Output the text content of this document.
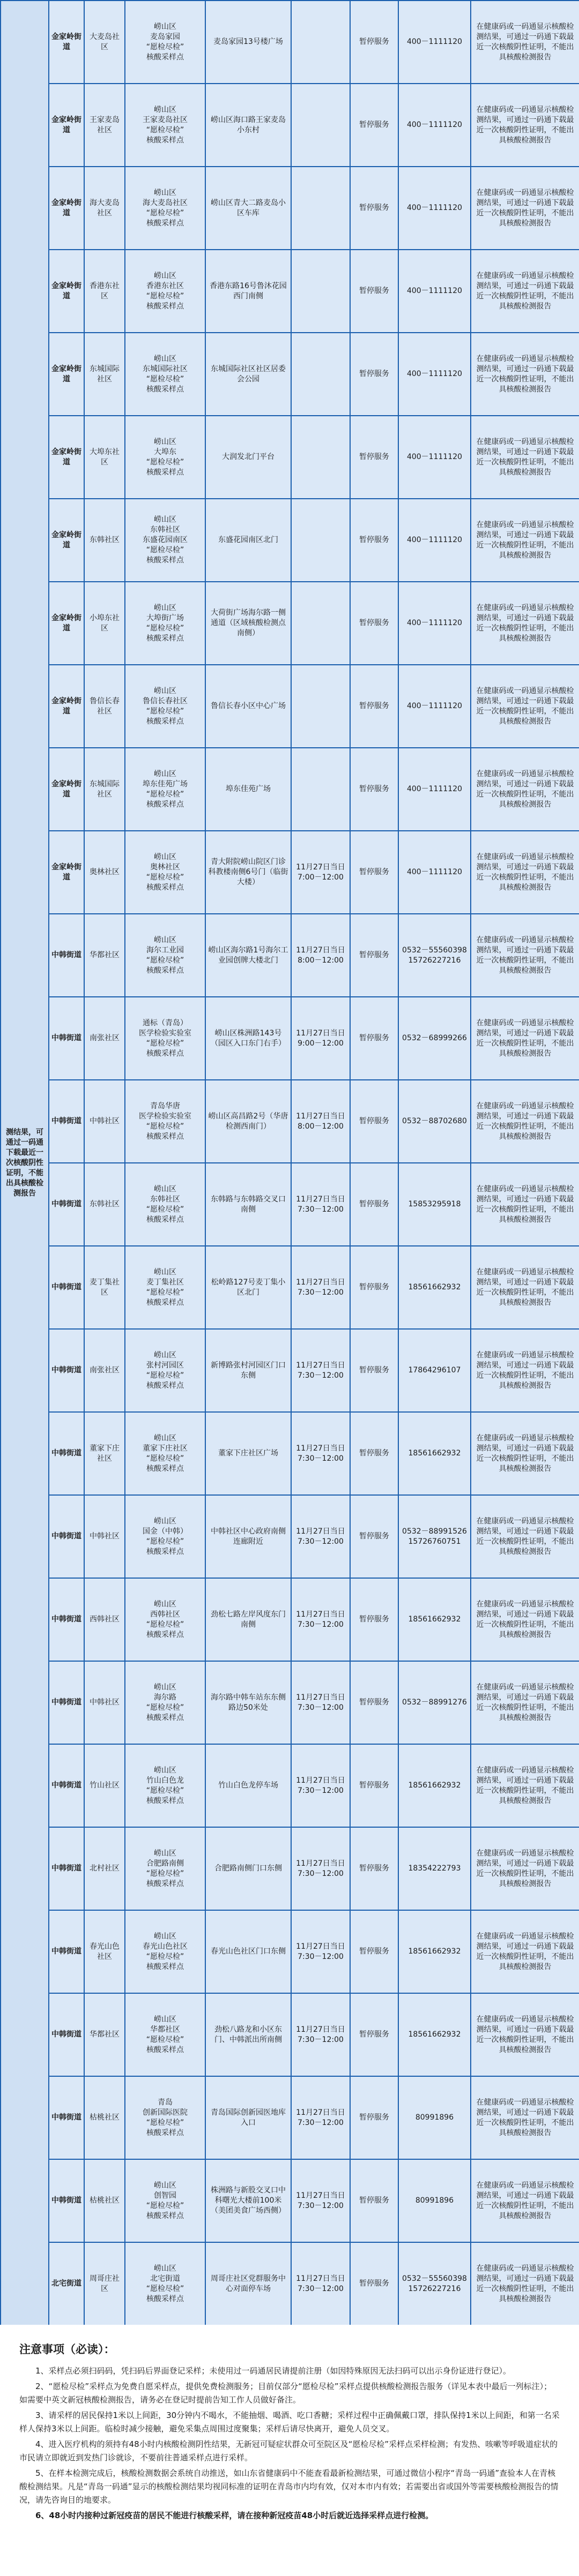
测结果，可通过一码通下载最近一次核酸阴性证明，不能出具核酸检测报告	金家岭街道	大麦岛社区	崂山区
麦岛家园
“愿检尽检”
核酸采样点	麦岛家园13号楼广场		暂停服务	400－1111120	在健康码或一码通显示核酸检测结果，可通过一码通下载最近一次核酸阴性证明，不能出具核酸检测报告
	金家岭街道	王家麦岛社区	崂山区
王家麦岛社区
“愿检尽检”
核酸采样点	崂山区海口路王家麦岛小东村		暂停服务	400－1111120	在健康码或一码通显示核酸检测结果，可通过一码通下载最近一次核酸阴性证明，不能出具核酸检测报告
	金家岭街道	海大麦岛社区	崂山区
海大麦岛社区
“愿检尽检”
核酸采样点	崂山区青大二路麦岛小区车库		暂停服务	400－1111120	在健康码或一码通显示核酸检测结果，可通过一码通下载最近一次核酸阴性证明，不能出具核酸检测报告
	金家岭街道	香港东社区	崂山区
香港东社区
“愿检尽检”
核酸采样点	香港东路16号鲁沐花园西门南侧		暂停服务	400－1111120	在健康码或一码通显示核酸检测结果，可通过一码通下载最近一次核酸阴性证明，不能出具核酸检测报告
	金家岭街道	东城国际社区	崂山区
东城国际社区
“愿检尽检”
核酸采样点	东城国际社区社区居委会公园		暂停服务	400－1111120	在健康码或一码通显示核酸检测结果，可通过一码通下载最近一次核酸阴性证明，不能出具核酸检测报告
	金家岭街道	大埠东社区	崂山区
大埠东
“愿检尽检”
核酸采样点	大润发北门平台		暂停服务	400－1111120	在健康码或一码通显示核酸检测结果，可通过一码通下载最近一次核酸阴性证明，不能出具核酸检测报告
	金家岭街道	东韩社区	崂山区
东韩社区
东盛花园南区
“愿检尽检”
核酸采样点	东盛花园南区北门		暂停服务	400－1111120	在健康码或一码通显示核酸检测结果，可通过一码通下载最近一次核酸阴性证明，不能出具核酸检测报告
	金家岭街道	小埠东社区	崂山区
大埠街广场
“愿检尽检”
核酸采样点	大荷街广场海尔路一侧通道（区域核酸检测点南侧）		暂停服务	400－1111120	在健康码或一码通显示核酸检测结果，可通过一码通下载最近一次核酸阴性证明，不能出具核酸检测报告
	金家岭街道	鲁信长春社区	崂山区
鲁信长春社区
“愿检尽检”
核酸采样点	鲁信长春小区中心广场		暂停服务	400－1111120	在健康码或一码通显示核酸检测结果，可通过一码通下载最近一次核酸阴性证明，不能出具核酸检测报告
	金家岭街道	东城国际社区	崂山区
埠东佳苑广场
“愿检尽检”
核酸采样点	埠东佳苑广场		暂停服务	400－1111120	在健康码或一码通显示核酸检测结果，可通过一码通下载最近一次核酸阴性证明，不能出具核酸检测报告
	金家岭街道	奥林社区	崂山区
奥林社区
“愿检尽检”
核酸采样点	青大附院崂山院区门诊科教楼南侧6号门（临街大楼）	11月27日当日
7:00－12:00	暂停服务	400－1111120	在健康码或一码通显示核酸检测结果，可通过一码通下载最近一次核酸阴性证明，不能出具核酸检测报告
	中韩街道	华都社区	崂山区
海尔工业园
“愿检尽检”
核酸采样点	崂山区海尔路1号海尔工业园创牌大楼北门	11月27日当日
8:00－12:00	暂停服务	0532－55560398
15726227216	在健康码或一码通显示核酸检测结果，可通过一码通下载最近一次核酸阴性证明，不能出具核酸检测报告
	中韩街道	南张社区	通标（青岛）
医学检验实验室
“愿检尽检”
核酸采样点	崂山区株洲路143号（园区入口东门右手）	11月27日当日
9:00－12:00	暂停服务	0532－68999266	在健康码或一码通显示核酸检测结果，可通过一码通下载最近一次核酸阴性证明，不能出具核酸检测报告
	中韩街道	中韩社区	青岛华唐
医学检验实验室
“愿检尽检”
核酸采样点	崂山区高昌路2号（华唐检测西南门）	11月27日当日
8:00－12:00	暂停服务	0532－88702680	在健康码或一码通显示核酸检测结果，可通过一码通下载最近一次核酸阴性证明，不能出具核酸检测报告
	中韩街道	东韩社区	崂山区
东韩社区
“愿检尽检”
核酸采样点	东韩路与东韩路交叉口南侧	11月27日当日
7:30－12:00	暂停服务	15853295918	在健康码或一码通显示核酸检测结果，可通过一码通下载最近一次核酸阴性证明，不能出具核酸检测报告
	中韩街道	麦丁集社区	崂山区
麦丁集社区
“愿检尽检”
核酸采样点	松岭路127号麦丁集小区北门	11月27日当日
7:30－12:00	暂停服务	18561662932	在健康码或一码通显示核酸检测结果，可通过一码通下载最近一次核酸阴性证明，不能出具核酸检测报告
	中韩街道	南张社区	崂山区
张村河园区
“愿检尽检”
核酸采样点	新博路张村河园区门口东侧	11月27日当日
7:30－12:00	暂停服务	17864296107	在健康码或一码通显示核酸检测结果，可通过一码通下载最近一次核酸阴性证明，不能出具核酸检测报告
	中韩街道	董家下庄社区	崂山区
董家下庄社区
“愿检尽检”
核酸采样点	董家下庄社区广场	11月27日当日
7:30－12:00	暂停服务	18561662932	在健康码或一码通显示核酸检测结果，可通过一码通下载最近一次核酸阴性证明，不能出具核酸检测报告
	中韩街道	中韩社区	崂山区
国金（中韩）
“愿检尽检”
核酸采样点	中韩社区中心政府南侧连廊附近	11月27日当日
7:30－12:00	暂停服务	0532－88991526
15726760751	在健康码或一码通显示核酸检测结果，可通过一码通下载最近一次核酸阴性证明，不能出具核酸检测报告
	中韩街道	西韩社区	崂山区
西韩社区
“愿检尽检”
核酸采样点	劲松七路左岸风度东门南侧	11月27日当日
7:30－12:00	暂停服务	18561662932	在健康码或一码通显示核酸检测结果，可通过一码通下载最近一次核酸阴性证明，不能出具核酸检测报告
	中韩街道	中韩社区	崂山区
海尔路
“愿检尽检”
核酸采样点	海尔路中韩车站东东侧路边50米处	11月27日当日
7:30－12:00	暂停服务	0532－88991276	在健康码或一码通显示核酸检测结果，可通过一码通下载最近一次核酸阴性证明，不能出具核酸检测报告
	中韩街道	竹山社区	崂山区
竹山白色龙
“愿检尽检”
核酸采样点	竹山白色龙停车场	11月27日当日
7:30－12:00	暂停服务	18561662932	在健康码或一码通显示核酸检测结果，可通过一码通下载最近一次核酸阴性证明，不能出具核酸检测报告
	中韩街道	北村社区	崂山区
合肥路南侧
“愿检尽检”
核酸采样点	合肥路南侧门口东侧	11月27日当日
7:30－12:00	暂停服务	18354222793	在健康码或一码通显示核酸检测结果，可通过一码通下载最近一次核酸阴性证明，不能出具核酸检测报告
	中韩街道	春光山色社区	崂山区
春光山色社区
“愿检尽检”
核酸采样点	春光山色社区门口东侧	11月27日当日
7:30－12:00	暂停服务	18561662932	在健康码或一码通显示核酸检测结果，可通过一码通下载最近一次核酸阴性证明，不能出具核酸检测报告
	中韩街道	华都社区	崂山区
华都社区
“愿检尽检”
核酸采样点	劲松八路龙和小区东门、中韩派出所南侧	11月27日当日
7:30－12:00	暂停服务	18561662932	在健康码或一码通显示核酸检测结果，可通过一码通下载最近一次核酸阴性证明，不能出具核酸检测报告
	中韩街道	枯桃社区	青岛
创新国际医院
“愿检尽检”
核酸采样点	青岛国际创新园医地库入口	11月27日当日
7:30－12:00	暂停服务	80991896	在健康码或一码通显示核酸检测结果，可通过一码通下载最近一次核酸阴性证明，不能出具核酸检测报告
	中韩街道	枯桃社区	崂山区
创智园
“愿检尽检”
核酸采样点	株洲路与新股交叉口中科曙光大楼前100米（美团美食广场西侧）	11月27日当日
7:30－12:00	暂停服务	80991896	在健康码或一码通显示核酸检测结果，可通过一码通下载最近一次核酸阴性证明，不能出具核酸检测报告
	北宅街道	周哥庄社区	崂山区
北宅街道
“愿检尽检”
核酸采样点	周哥庄社区党群服务中心对面停车场	11月27日当日
7:30－12:00	暂停服务	0532－55560398
15726227216	在健康码或一码通显示核酸检测结果，可通过一码通下载最近一次核酸阴性证明，不能出具核酸检测报告
注意事项（必读）：

1、采样点必须扫码码，凭扫码后界面登记采样；未使用过一码通居民请提前注册（如因特殊原因无法扫码可以出示身份证进行登记）。

2、“愿检尽检”采样点为免费自愿采样点，提供免费检测服务；目前仅部分“愿检尽检”采样点提供核酸检测报告服务（详见本表中最后一列标注）；如需要中英文新冠核酸检测报告，请务必在登记时提前告知工作人员做好备注。

3、请采样的居民保持1米以上间距，30分钟内不喝水，不能抽烟、喝酒、吃口香糖；采样过程中正确佩戴口罩，排队保持1米以上间距，和第一名采样人保持3米以上间距。临检时减少接触，避免采集点周围过度聚集；采样后请尽快离开，避免人员交叉。

4、进入医疗机构的须持有48小时内核酸检测阴性结果，无新冠可疑症状群众可至院区及“愿检尽检”采样点采样检测；有发热、咳嗽等呼吸道症状的市民请立即就近到发热门诊就诊，不要前往普通采样点进行采样。

5、在样本检测完成后，核酸检测数据会系统自动推送，如山东省健康码中不能查看最新检测结果，可通过微信小程序“青岛一码通”查验本人在青核酸检测结果。凡是“青岛一码通”显示的核酸检测结果均视同标准的证明在青岛市内均有效，仅对本市内有效；若需要出省或国外等需要核酸检测报告的情况，请先咨询目的地要求。

6、48小时内接种过新冠疫苗的居民不能进行核酸采样，请在接种新冠疫苗48小时后就近选择采样点进行检测。
